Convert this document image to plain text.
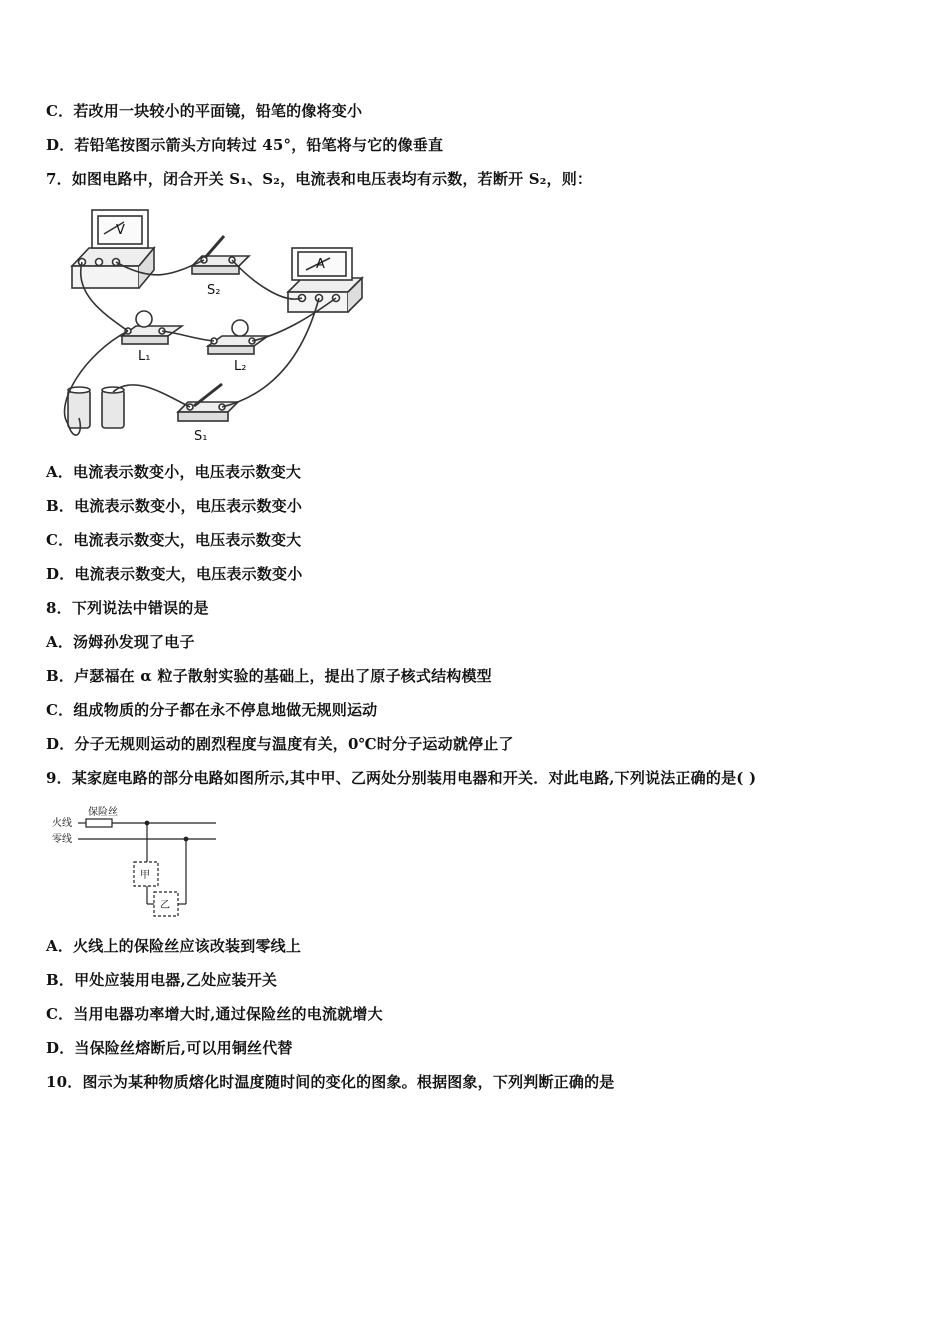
C．若改用一块较小的平面镜，铅笔的像将变小
D．若铅笔按图示箭头方向转过 45°，铅笔将与它的像垂直
7．如图电路中，闭合开关 S₁、S₂，电流表和电压表均有示数，若断开 S₂，则：
V
A
S₂
L₁
L₂
S₁
A．电流表示数变小，电压表示数变大
B．电流表示数变小，电压表示数变小
C．电流表示数变大，电压表示数变大
D．电流表示数变大，电压表示数变小
8．下列说法中错误的是
A．汤姆孙发现了电子
B．卢瑟福在 α 粒子散射实验的基础上，提出了原子核式结构模型
C．组成物质的分子都在永不停息地做无规则运动
D．分子无规则运动的剧烈程度与温度有关，0℃时分子运动就停止了
9．某家庭电路的部分电路如图所示,其中甲、乙两处分别装用电器和开关．对此电路,下列说法正确的是( )
火线
零线
保险丝
甲
乙
A．火线上的保险丝应该改装到零线上
B．甲处应装用电器,乙处应装开关
C．当用电器功率增大时,通过保险丝的电流就增大
D．当保险丝熔断后,可以用铜丝代替
10．图示为某种物质熔化时温度随时间的变化的图象。根据图象，下列判断正确的是
